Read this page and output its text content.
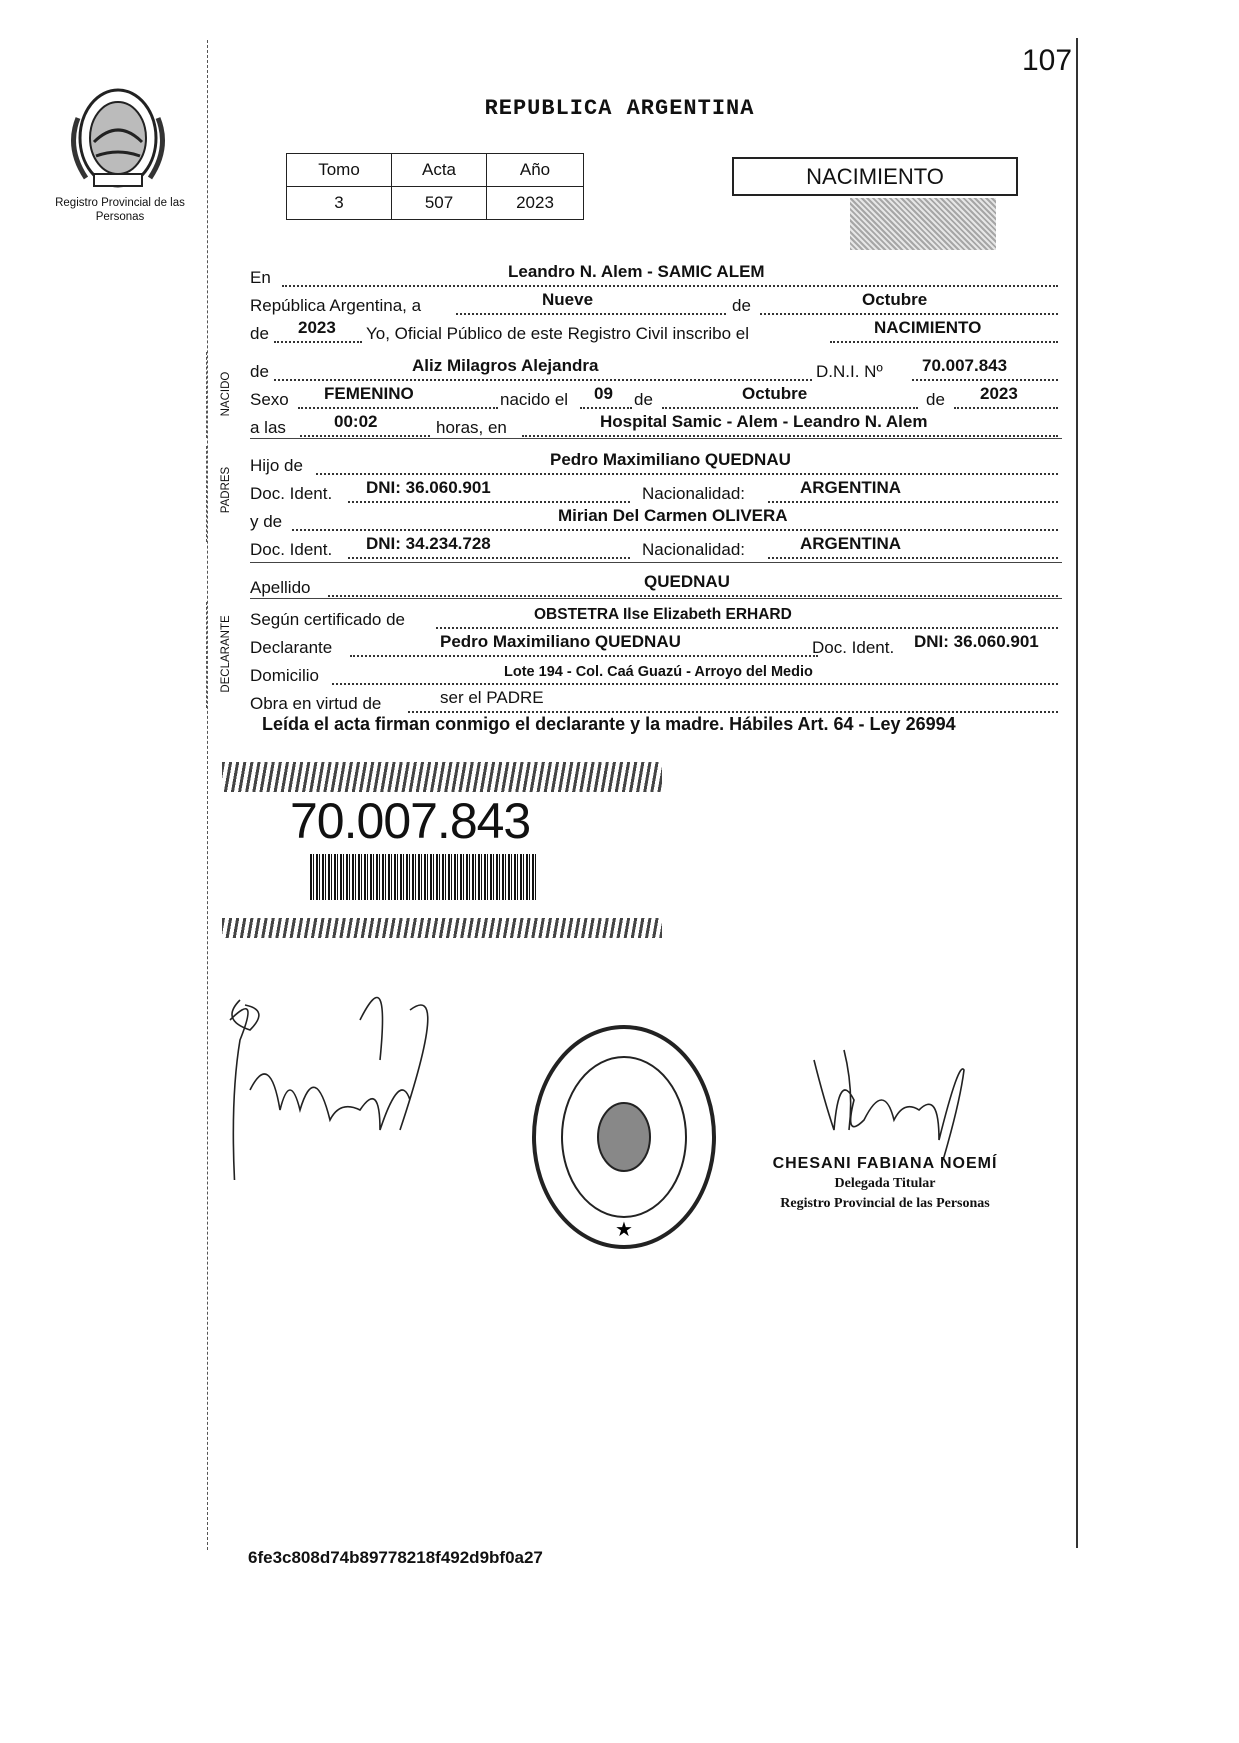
107
Registro Provincial de las Personas
REPUBLICA ARGENTINA
Tomo	Acta	Año
3	507	2023
NACIMIENTO
En	Leandro N. Alem - SAMIC ALEM
República Argentina, a	Nueve	de	Octubre
de 2023 Yo, Oficial Público de este Registro Civil inscribo el	NACIMIENTO
NACIDO
de	Aliz Milagros Alejandra	D.N.I. Nº 70.007.843
Sexo FEMENINO	nacido el 09 de	Octubre	de 2023
a las	00:02	horas, en	Hospital Samic - Alem - Leandro N. Alem
PADRES
Hijo de	Pedro Maximiliano QUEDNAU
Doc. Ident. DNI: 36.060.901	Nacionalidad:	ARGENTINA
y de	Mirian Del Carmen OLIVERA
Doc. Ident. DNI: 34.234.728	Nacionalidad:	ARGENTINA
Apellido	QUEDNAU
DECLARANTE Según certificado de	OBSTETRA Ilse Elizabeth ERHARD
Declarante	Pedro Maximiliano QUEDNAU	Doc. Ident. DNI: 36.060.901
Domicilio	Lote 194 - Col. Caá Guazú - Arroyo del Medio
Obra en virtud de	ser el PADRE
Leída el acta firman conmigo el declarante y la madre. Hábiles Art. 64 - Ley 26994
70.007.843
★
CHESANI FABIANA NOEMÍ
Delegada Titular
Registro Provincial de las Personas
6fe3c808d74b89778218f492d9bf0a27
